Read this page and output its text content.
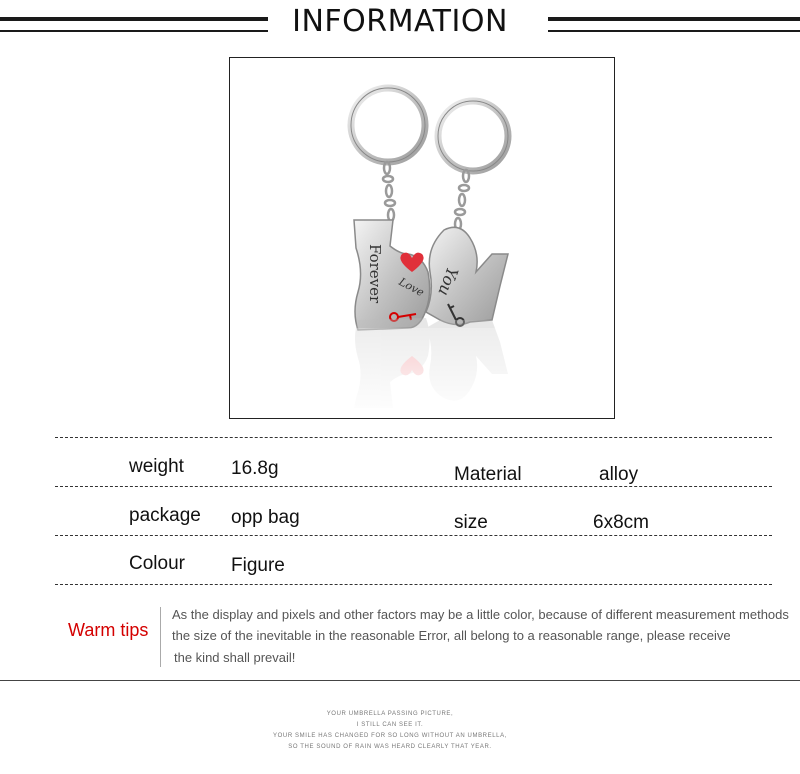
INFORMATION
Forever Love You
weight 16.8g	Material	alloy
package opp bag	size	6x8cm
Colour Figure
Warm tips
As the display and pixels and other factors may be a little color, because of different measurement methods
the size of the inevitable in the reasonable Error, all belong to a reasonable range, please receive
the kind shall prevail!
YOUR UMBRELLA PASSING PICTURE,
I STILL CAN SEE IT.
YOUR SMILE HAS CHANGED FOR SO LONG WITHOUT AN UMBRELLA,
SO THE SOUND OF RAIN WAS HEARD CLEARLY THAT YEAR.
